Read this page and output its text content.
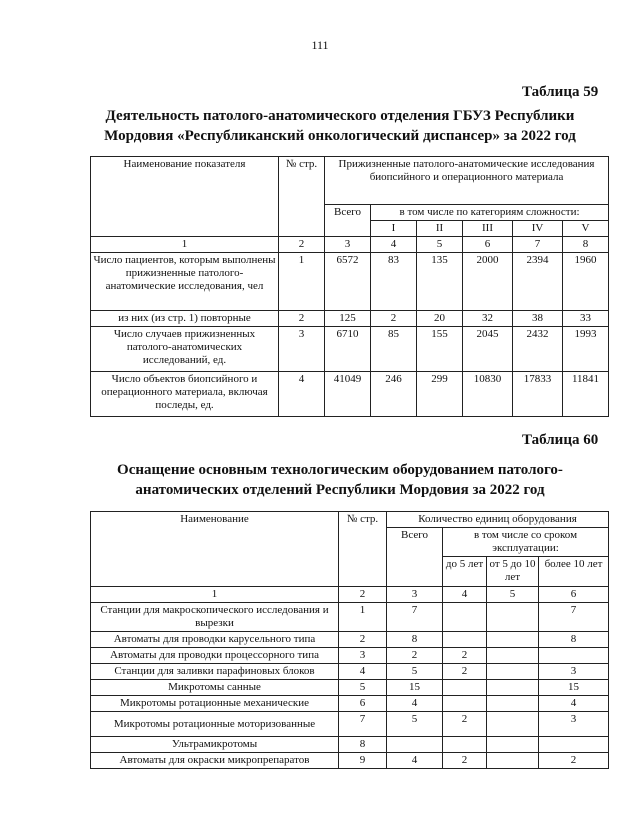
111
Таблица 59
Деятельность патолого-анатомического отделения ГБУЗ Республики
Мордовия «Республиканский онкологический диспансер» за 2022 год
Наименование показателя	№ стр.	Прижизненные патолого-анатомические исследования биопсийного и операционного материала					
		Всего	в том числе по категориям сложности:				
			I	II	III	IV	V
1	2	3	4	5	6	7	8
Число пациентов, которым выполнены прижизненные патолого-анатомические исследования, чел	1	6572	83	135	2000	2394	1960
из них (из стр. 1) повторные	2	125	2	20	32	38	33
Число случаев прижизненных патолого-анатомических исследований, ед.	3	6710	85	155	2045	2432	1993
Число объектов биопсийного и операционного материала, включая последы, ед.	4	41049	246	299	10830	17833	11841
Таблица 60
Оснащение основным технологическим оборудованием патолого-
анатомических отделений Республики Мордовия за 2022 год
Наименование	№ стр.	Количество единиц оборудования			
		Всего	в том числе со сроком эксплуатации:		
			до 5 лет	от 5 до 10 лет	более 10 лет
1	2	3	4	5	6
Станции для макроскопического исследования и вырезки	1	7			7
Автоматы для проводки карусельного типа	2	8			8
Автоматы для проводки процессорного типа	3	2	2		
Станции для заливки парафиновых блоков	4	5	2		3
Микротомы санные	5	15			15
Микротомы ротационные механические	6	4			4
Микротомы ротационные моторизованные	7	5	2		3
Ультрамикротомы	8				
Автоматы для окраски микропрепаратов	9	4	2		2
